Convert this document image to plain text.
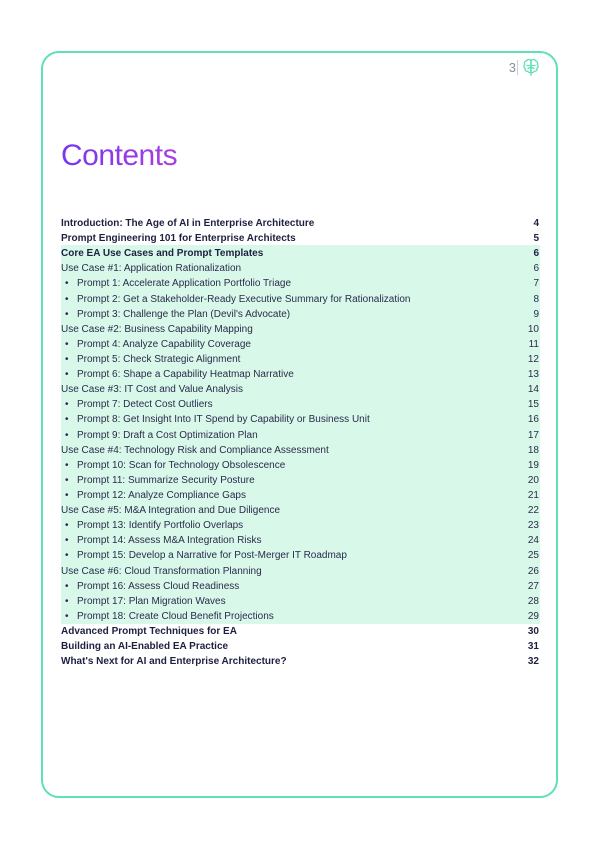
3
Contents
Introduction: The Age of AI in Enterprise Architecture	4
Prompt Engineering 101 for Enterprise Architects	5
Core EA Use Cases and Prompt Templates	6
Use Case #1: Application Rationalization	6
• Prompt 1: Accelerate Application Portfolio Triage	7
• Prompt 2: Get a Stakeholder-Ready Executive Summary for Rationalization	8
• Prompt 3: Challenge the Plan (Devil's Advocate)	9
Use Case #2: Business Capability Mapping	10
• Prompt 4: Analyze Capability Coverage	11
• Prompt 5: Check Strategic Alignment	12
• Prompt 6: Shape a Capability Heatmap Narrative	13
Use Case #3: IT Cost and Value Analysis	14
• Prompt 7: Detect Cost Outliers	15
• Prompt 8: Get Insight Into IT Spend by Capability or Business Unit	16
• Prompt 9: Draft a Cost Optimization Plan	17
Use Case #4: Technology Risk and Compliance Assessment	18
• Prompt 10: Scan for Technology Obsolescence	19
• Prompt 11: Summarize Security Posture	20
• Prompt 12: Analyze Compliance Gaps	21
Use Case #5: M&A Integration and Due Diligence	22
• Prompt 13: Identify Portfolio Overlaps	23
• Prompt 14: Assess M&A Integration Risks	24
• Prompt 15: Develop a Narrative for Post-Merger IT Roadmap	25
Use Case #6: Cloud Transformation Planning	26
• Prompt 16: Assess Cloud Readiness	27
• Prompt 17: Plan Migration Waves	28
• Prompt 18: Create Cloud Benefit Projections	29
Advanced Prompt Techniques for EA	30
Building an AI-Enabled EA Practice	31
What's Next for AI and Enterprise Architecture?	32
